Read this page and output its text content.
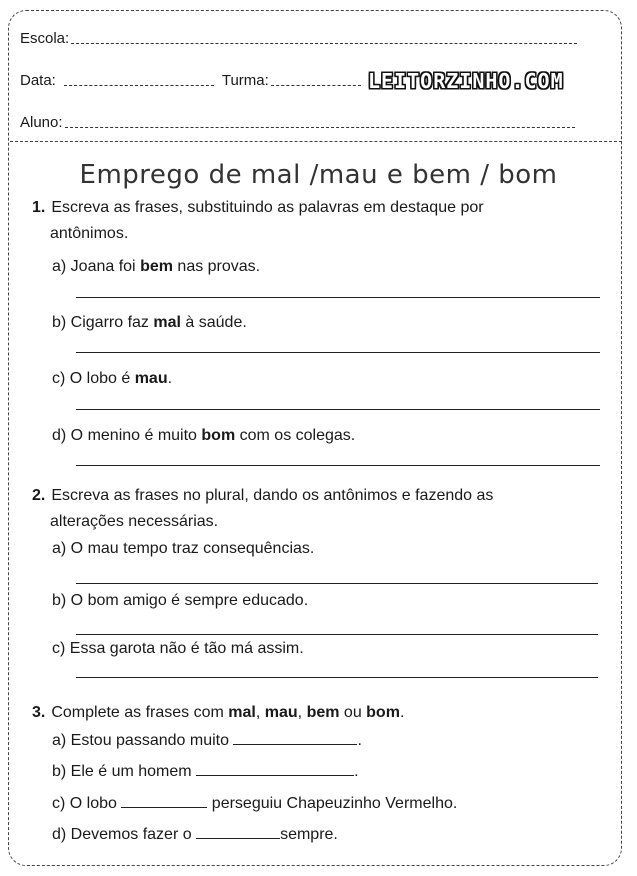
Escola:
Data:	Turma:	LEITORZINHO.COM
Aluno:
Emprego de mal /mau e bem / bom
1. Escreva as frases, substituindo as palavras em destaque por
antônimos.
a) Joana foi bem nas provas.
b) Cigarro faz mal à saúde.
c) O lobo é mau.
d) O menino é muito bom com os colegas.
2. Escreva as frases no plural, dando os antônimos e fazendo as
alterações necessárias.
a) O mau tempo traz consequências.
b) O bom amigo é sempre educado.
c) Essa garota não é tão má assim.
3. Complete as frases com mal, mau, bem ou bom.
a) Estou passando muito	.
b) Ele é um homem	.
c) O lobo	perseguiu Chapeuzinho Vermelho.
d) Devemos fazer o	sempre.
